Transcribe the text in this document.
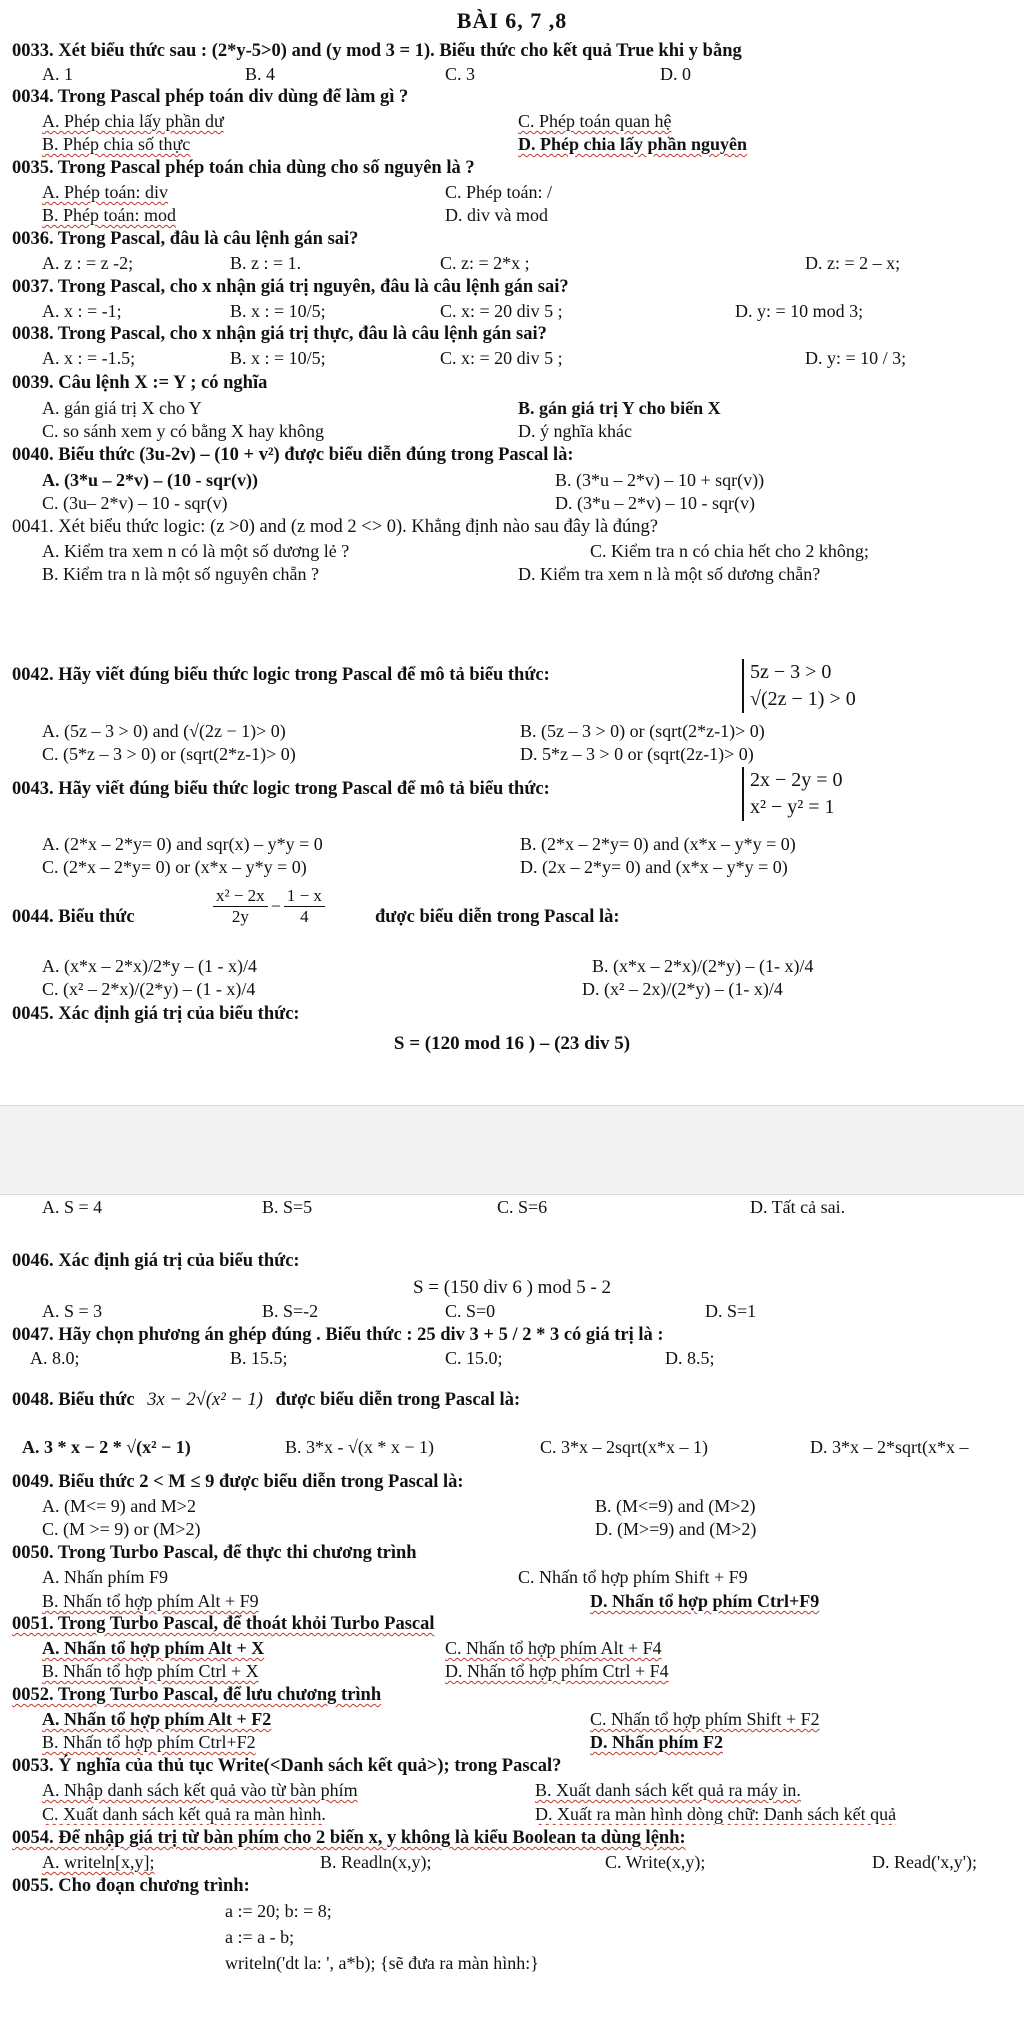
BÀI 6, 7 ,8
0033. Xét biểu thức sau : (2*y-5>0) and (y mod 3 = 1). Biểu thức cho kết quả True khi y bằng
A. 1	B. 4	C. 3	D. 0
0034. Trong Pascal phép toán div dùng để làm gì ?
A. Phép chia lấy phần dư	C. Phép toán quan hệ
B. Phép chia số thực	D. Phép chia lấy phần nguyên
0035. Trong Pascal phép toán chia dùng cho số nguyên là ?
A. Phép toán: div	C. Phép toán: /
B. Phép toán: mod	D. div và mod
0036. Trong Pascal, đâu là câu lệnh gán sai?
A. z : = z -2;	B. z : = 1.	C. z: = 2*x ;	D. z: = 2 – x;
0037. Trong Pascal, cho x nhận giá trị nguyên, đâu là câu lệnh gán sai?
A. x : = -1;	B. x : = 10/5;	C. x: = 20 div 5 ;	D. y: = 10 mod 3;
0038. Trong Pascal, cho x nhận giá trị thực, đâu là câu lệnh gán sai?
A. x : = -1.5;	B. x : = 10/5;	C. x: = 20 div 5 ;	D. y: = 10 / 3;
0039. Câu lệnh X := Y ; có nghĩa
A. gán giá trị X cho Y	B. gán giá trị Y cho biến X
C. so sánh xem y có bằng X hay không	D. ý nghĩa khác
0040. Biểu thức (3u-2v) – (10 + v²) được biểu diễn đúng trong Pascal là:
A. (3*u – 2*v) – (10 - sqr(v))	B. (3*u – 2*v) – 10 + sqr(v))
C. (3u– 2*v) – 10 - sqr(v)	D. (3*u – 2*v) – 10 - sqr(v)
0041. Xét biểu thức logic: (z >0) and (z mod 2 <> 0). Khẳng định nào sau đây là đúng?
A. Kiểm tra xem n có là một số dương lẻ ?	C. Kiểm tra n có chia hết cho 2 không;
B. Kiểm tra n là một số nguyên chẵn ?	D. Kiểm tra xem n là một số dương chẵn?
0042. Hãy viết đúng biểu thức logic trong Pascal để mô tả biểu thức:	5z − 3 > 0
√(2z − 1) > 0
A. (5z – 3 > 0) and (√(2z − 1)> 0)	B. (5z – 3 > 0) or (sqrt(2*z-1)> 0)
C. (5*z – 3 > 0) or (sqrt(2*z-1)> 0)	D. 5*z – 3 > 0 or (sqrt(2z-1)> 0)
0043. Hãy viết đúng biểu thức logic trong Pascal để mô tả biểu thức:	2x − 2y = 0
x² − y² = 1
A. (2*x – 2*y= 0) and sqr(x) – y*y = 0	B. (2*x – 2*y= 0) and (x*x – y*y = 0)
C. (2*x – 2*y= 0) or (x*x – y*y = 0)	D. (2x – 2*y= 0) and (x*x – y*y = 0)
0044. Biểu thức	$\frac{\text{x² − 2x}}{2y} - \frac{1 - x}{4}$	được biểu diễn trong Pascal là:
A. (x*x – 2*x)/2*y – (1 - x)/4	B. (x*x – 2*x)/(2*y) – (1- x)/4
C. (x² – 2*x)/(2*y) – (1 - x)/4	D. (x² – 2x)/(2*y) – (1- x)/4
0045. Xác định giá trị của biểu thức:
S = (120 mod 16 ) – (23 div 5)
A. S = 4	B. S=5	C. S=6	D. Tất cả sai.
0046. Xác định giá trị của biểu thức:
S = (150 div 6 ) mod 5 - 2
A. S = 3	B. S=-2	C. S=0	D. S=1
0047. Hãy chọn phương án ghép đúng . Biểu thức : 25 div 3 + 5 / 2 * 3 có giá trị là :
A. 8.0;	B. 15.5;	C. 15.0;	D. 8.5;
0048. Biểu thức 3x − 2√(x² − 1) được biểu diễn trong Pascal là:
A. 3 * x − 2 * √(x² − 1)	B. 3*x - √(x * x − 1)	C. 3*x – 2sqrt(x*x – 1)	D. 3*x – 2*sqrt(x*x –
0049. Biểu thức 2 < M ≤ 9 được biểu diễn trong Pascal là:
A. (M<= 9) and M>2	B. (M<=9) and (M>2)
C. (M >= 9) or (M>2)	D. (M>=9) and (M>2)
0050. Trong Turbo Pascal, để thực thi chương trình
A. Nhấn phím F9	C. Nhấn tổ hợp phím Shift + F9
B. Nhấn tổ hợp phím Alt + F9	D. Nhấn tổ hợp phím Ctrl+F9
0051. Trong Turbo Pascal, để thoát khỏi Turbo Pascal
A. Nhấn tổ hợp phím Alt + X	C. Nhấn tổ hợp phím Alt + F4
B. Nhấn tổ hợp phím Ctrl + X	D. Nhấn tổ hợp phím Ctrl + F4
0052. Trong Turbo Pascal, để lưu chương trình
A. Nhấn tổ hợp phím Alt + F2	C. Nhấn tổ hợp phím Shift + F2
B. Nhấn tổ hợp phím Ctrl+F2	D. Nhấn phím F2
0053. Ý nghĩa của thủ tục Write(<Danh sách kết quả>); trong Pascal?
A. Nhập danh sách kết quả vào từ bàn phím	B. Xuất danh sách kết quả ra máy in.
C. Xuất danh sách kết quả ra màn hình.	D. Xuất ra màn hình dòng chữ: Danh sách kết quả
0054. Để nhập giá trị từ bàn phím cho 2 biến x, y không là kiểu Boolean ta dùng lệnh:
A. writeln[x,y];	B. Readln(x,y);	C. Write(x,y);	D. Read('x,y');
0055. Cho đoạn chương trình:
a := 20; b: = 8;
a := a - b;
writeln('dt la: ', a*b); {sẽ đưa ra màn hình:}
